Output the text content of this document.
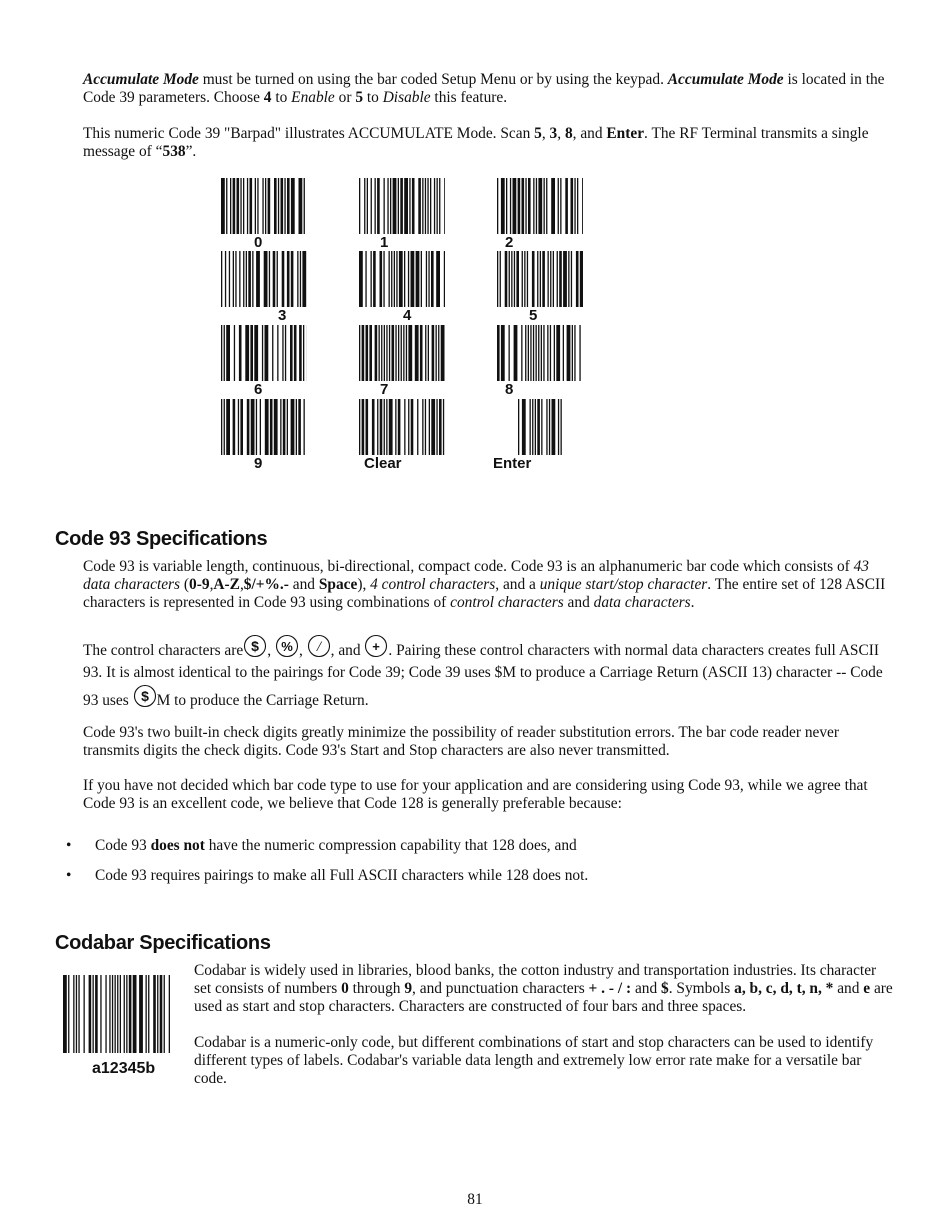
Accumulate Mode must be turned on using the bar coded Setup Menu or by using the keypad. Accumulate Mode is located in the Code 39 parameters. Choose 4 to Enable or 5 to Disable this feature.

This numeric Code 39 "Barpad" illustrates ACCUMULATE Mode. Scan 5, 3, 8, and Enter. The RF Terminal transmits a single message of “538”.

0	1	2
3	4	5
6	7	8
9	Clear	Enter
Code 93 Specifications

Code 93 is variable length, continuous, bi-directional, compact code. Code 93 is an alphanumeric bar code which consists of 43 data characters (0-9,A-Z,$/+%.- and Space), 4 control characters, and a unique start/stop character. The entire set of 128 ASCII characters is represented in Code 93 using combinations of control characters and data characters.

The control characters are $ , % , / , and + . Pairing these control characters with normal data characters creates full ASCII 93. It is almost identical to the pairings for Code 39; Code 39 uses $M to produce a Carriage Return (ASCII 13) character -- Code 93 uses $ M to produce the Carriage Return.

Code 93's two built-in check digits greatly minimize the possibility of reader substitution errors. The bar code reader never transmits digits the check digits. Code 93's Start and Stop characters are also never transmitted.

If you have not decided which bar code type to use for your application and are considering using Code 93, while we agree that Code 93 is an excellent code, we believe that Code 128 is generally preferable because:

• Code 93 does not have the numeric compression capability that 128 does, and
• Code 93 requires pairings to make all Full ASCII characters while 128 does not.
Codabar Specifications
a12345b

Codabar is widely used in libraries, blood banks, the cotton industry and transportation industries. Its character set consists of numbers 0 through 9, and punctuation characters + . - / : and $. Symbols a, b, c, d, t, n, * and e are used as start and stop characters. Characters are constructed of four bars and three spaces.

Codabar is a numeric-only code, but different combinations of start and stop characters can be used to identify different types of labels. Codabar's variable data length and extremely low error rate make for a versatile bar code.

81
